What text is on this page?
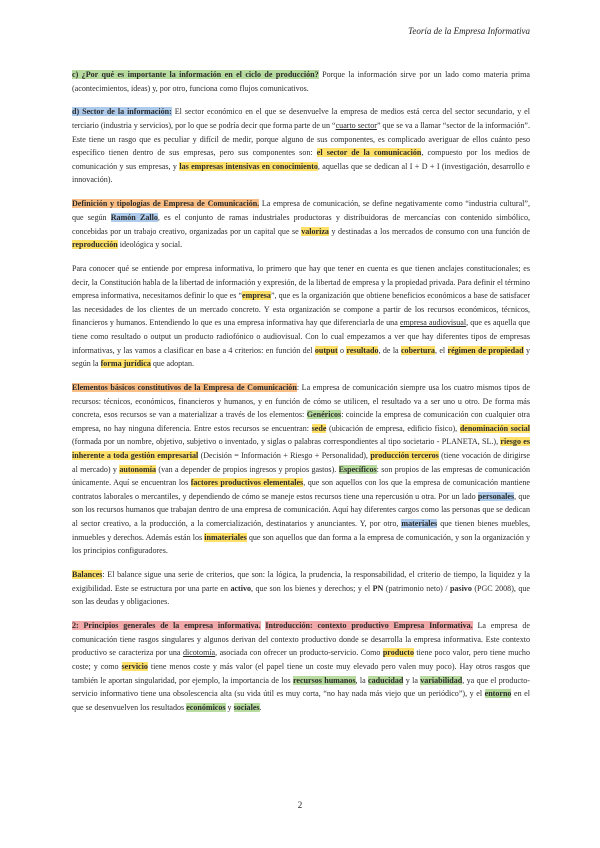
Teoría de la Empresa Informativa

c) ¿Por qué es importante la información en el ciclo de producción? Porque la información sirve por un lado como materia prima (acontecimientos, ideas) y, por otro, funciona como flujos comunicativos.

d) Sector de la información: El sector económico en el que se desenvuelve la empresa de medios está cerca del sector secundario, y el terciario (industria y servicios), por lo que se podría decir que forma parte de un “cuarto sector” que se va a llamar “sector de la información”. Este tiene un rasgo que es peculiar y difícil de medir, porque alguno de sus componentes, es complicado averiguar de ellos cuánto peso específico tienen dentro de sus empresas, pero sus componentes son: el sector de la comunicación, compuesto por los medios de comunicación y sus empresas, y las empresas intensivas en conocimiento, aquellas que se dedican al I + D + I (investigación, desarrollo e innovación).

Definición y tipologías de Empresa de Comunicación. La empresa de comunicación, se define negativamente como “industria cultural”, que según Ramón Zallo, es el conjunto de ramas industriales productoras y distribuidoras de mercancías con contenido simbólico, concebidas por un trabajo creativo, organizadas por un capital que se valoriza y destinadas a los mercados de consumo con una función de reproducción ideológica y social.

Para conocer qué se entiende por empresa informativa, lo primero que hay que tener en cuenta es que tienen anclajes constitucionales; es decir, la Constitución habla de la libertad de información y expresión, de la libertad de empresa y la propiedad privada. Para definir el término empresa informativa, necesitamos definir lo que es “empresa”, que es la organización que obtiene beneficios económicos a base de satisfacer las necesidades de los clientes de un mercado concreto. Y esta organización se compone a partir de los recursos económicos, técnicos, financieros y humanos. Entendiendo lo que es una empresa informativa hay que diferenciarla de una empresa audiovisual, que es aquella que tiene como resultado o output un producto radiofónico o audiovisual. Con lo cual empezamos a ver que hay diferentes tipos de empresas informativas, y las vamos a clasificar en base a 4 criterios: en función del output o resultado, de la cobertura, el régimen de propiedad y según la forma jurídica que adoptan.

Elementos básicos constitutivos de la Empresa de Comunicación: La empresa de comunicación siempre usa los cuatro mismos tipos de recursos: técnicos, económicos, financieros y humanos, y en función de cómo se utilicen, el resultado va a ser uno u otro. De forma más concreta, esos recursos se van a materializar a través de los elementos: Genéricos: coincide la empresa de comunicación con cualquier otra empresa, no hay ninguna diferencia. Entre estos recursos se encuentran: sede (ubicación de empresa, edificio físico), denominación social (formada por un nombre, objetivo, subjetivo o inventado, y siglas o palabras correspondientes al tipo societario - PLANETA, SL.), riesgo es inherente a toda gestión empresarial (Decisión = Información + Riesgo + Personalidad), producción terceros (tiene vocación de dirigirse al mercado) y autonomía (van a depender de propios ingresos y propios gastos). Específicos: son propios de las empresas de comunicación únicamente. Aquí se encuentran los factores productivos elementales, que son aquellos con los que la empresa de comunicación mantiene contratos laborales o mercantiles, y dependiendo de cómo se maneje estos recursos tiene una repercusión u otra. Por un lado personales, que son los recursos humanos que trabajan dentro de una empresa de comunicación. Aquí hay diferentes cargos como las personas que se dedican al sector creativo, a la producción, a la comercialización, destinatarios y anunciantes. Y, por otro, materiales que tienen bienes muebles, inmuebles y derechos. Además están los inmateriales que son aquellos que dan forma a la empresa de comunicación, y son la organización y los principios configuradores.

Balances: El balance sigue una serie de criterios, que son: la lógica, la prudencia, la responsabilidad, el criterio de tiempo, la liquidez y la exigibilidad. Este se estructura por una parte en activo, que son los bienes y derechos; y el PN (patrimonio neto) / pasivo (PGC 2008), que son las deudas y obligaciones.

2: Principios generales de la empresa informativa. Introducción: contexto productivo Empresa Informativa. La empresa de comunicación tiene rasgos singulares y algunos derivan del contexto productivo donde se desarrolla la empresa informativa. Este contexto productivo se caracteriza por una dicotomía, asociada con ofrecer un producto-servicio. Como producto tiene poco valor, pero tiene mucho coste; y como servicio tiene menos coste y más valor (el papel tiene un coste muy elevado pero valen muy poco). Hay otros rasgos que también le aportan singularidad, por ejemplo, la importancia de los recursos humanos, la caducidad y la variabilidad, ya que el producto-servicio informativo tiene una obsolescencia alta (su vida útil es muy corta, “no hay nada más viejo que un periódico”), y el entorno en el que se desenvuelven los resultados económicos y sociales.

2
